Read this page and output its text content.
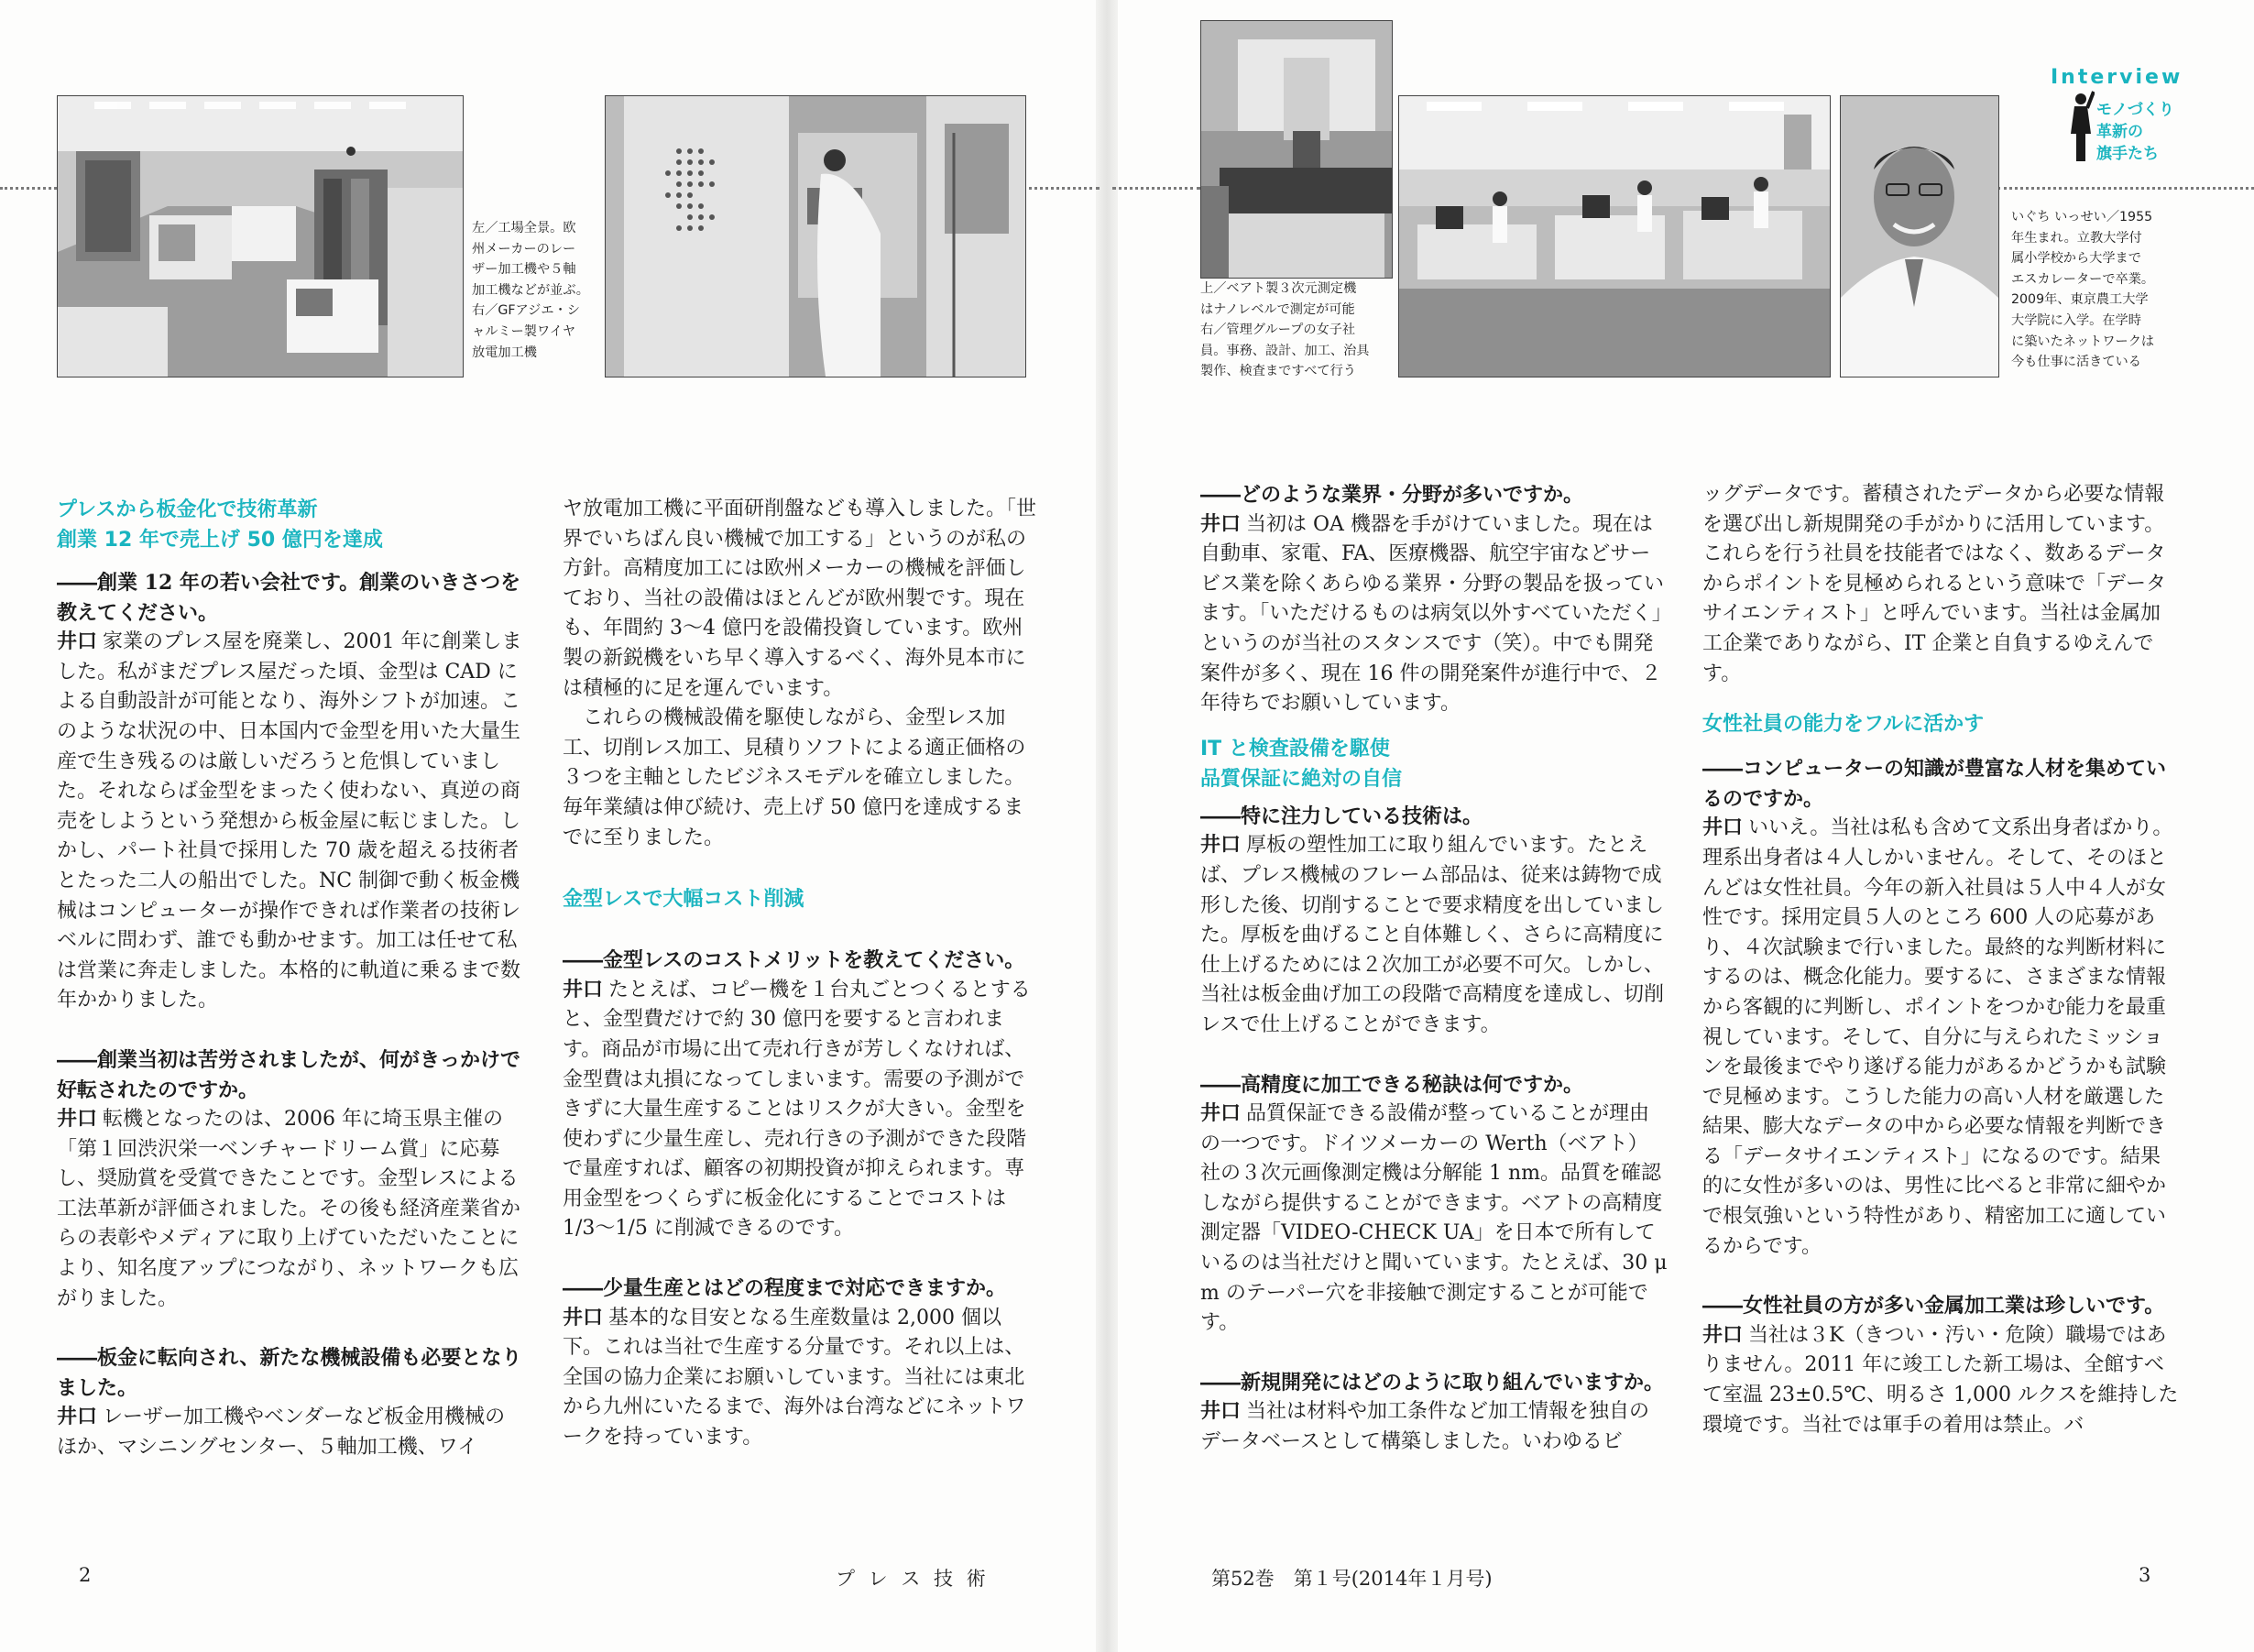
左／工場全景。欧
州メーカーのレー
ザー加工機や５軸
加工機などが並ぶ。
右／GFアジエ・シ
ャルミー製ワイヤ
放電加工機
上／ベアト製３次元測定機
はナノレベルで測定が可能
右／管理グループの女子社
員。事務、設計、加工、治具
製作、検査まですべて行う
いぐち いっせい／1955
年生まれ。立教大学付
属小学校から大学まで
エスカレーターで卒業。
2009年、東京農工大学
大学院に入学。在学時
に築いたネットワークは
今も仕事に活きている
Interview
モノづくり
革新の
旗手たち

プレスから板金化で技術革新

創業 12 年で売上げ 50 億円を達成

――創業 12 年の若い会社です。創業のいきさつを教えてください。

井口 家業のプレス屋を廃業し、2001 年に創業しました。私がまだプレス屋だった頃、金型は CAD による自動設計が可能となり、海外シフトが加速。このような状況の中、日本国内で金型を用いた大量生産で生き残るのは厳しいだろうと危惧していました。それならば金型をまったく使わない、真逆の商売をしようという発想から板金屋に転じました。しかし、パート社員で採用した 70 歳を超える技術者とたった二人の船出でした。NC 制御で動く板金機械はコンピューターが操作できれば作業者の技術レベルに問わず、誰でも動かせます。加工は任せて私は営業に奔走しました。本格的に軌道に乗るまで数年かかりました。

――創業当初は苦労されましたが、何がきっかけで好転されたのですか。

井口 転機となったのは、2006 年に埼玉県主催の「第１回渋沢栄一ベンチャードリーム賞」に応募し、奨励賞を受賞できたことです。金型レスによる工法革新が評価されました。その後も経済産業省からの表彰やメディアに取り上げていただいたことにより、知名度アップにつながり、ネットワークも広がりました。

――板金に転向され、新たな機械設備も必要となりました。

井口 レーザー加工機やベンダーなど板金用機械のほか、マシニングセンター、５軸加工機、ワイ

ヤ放電加工機に平面研削盤なども導入しました。「世界でいちばん良い機械で加工する」というのが私の方針。高精度加工には欧州メーカーの機械を評価しており、当社の設備はほとんどが欧州製です。現在も、年間約 3～4 億円を設備投資しています。欧州製の新鋭機をいち早く導入するべく、海外見本市には積極的に足を運んでいます。

これらの機械設備を駆使しながら、金型レス加工、切削レス加工、見積りソフトによる適正価格の３つを主軸としたビジネスモデルを確立しました。毎年業績は伸び続け、売上げ 50 億円を達成するまでに至りました。

金型レスで大幅コスト削減

――金型レスのコストメリットを教えてください。

井口 たとえば、コピー機を１台丸ごとつくるとすると、金型費だけで約 30 億円を要すると言われます。商品が市場に出て売れ行きが芳しくなければ、金型費は丸損になってしまいます。需要の予測ができずに大量生産することはリスクが大きい。金型を使わずに少量生産し、売れ行きの予測ができた段階で量産すれば、顧客の初期投資が抑えられます。専用金型をつくらずに板金化にすることでコストは 1/3～1/5 に削減できるのです。

――少量生産とはどの程度まで対応できますか。

井口 基本的な目安となる生産数量は 2,000 個以下。これは当社で生産する分量です。それ以上は、全国の協力企業にお願いしています。当社には東北から九州にいたるまで、海外は台湾などにネットワークを持っています。

――どのような業界・分野が多いですか。

井口 当初は OA 機器を手がけていました。現在は自動車、家電、FA、医療機器、航空宇宙などサービス業を除くあらゆる業界・分野の製品を扱っています。「いただけるものは病気以外すべていただく」というのが当社のスタンスです（笑）。中でも開発案件が多く、現在 16 件の開発案件が進行中で、２年待ちでお願いしています。

IT と検査設備を駆使

品質保証に絶対の自信

――特に注力している技術は。

井口 厚板の塑性加工に取り組んでいます。たとえば、プレス機械のフレーム部品は、従来は鋳物で成形した後、切削することで要求精度を出していました。厚板を曲げること自体難しく、さらに高精度に仕上げるためには２次加工が必要不可欠。しかし、当社は板金曲げ加工の段階で高精度を達成し、切削レスで仕上げることができます。

――高精度に加工できる秘訣は何ですか。

井口 品質保証できる設備が整っていることが理由の一つです。ドイツメーカーの Werth（ベアト）社の３次元画像測定機は分解能 1 nm。品質を確認しながら提供することができます。ベアトの高精度測定器「VIDEO-CHECK UA」を日本で所有しているのは当社だけと聞いています。たとえば、30 μ m のテーパー穴を非接触で測定することが可能です。

――新規開発にはどのように取り組んでいますか。

井口 当社は材料や加工条件など加工情報を独自のデータベースとして構築しました。いわゆるビ

ッグデータです。蓄積されたデータから必要な情報を選び出し新規開発の手がかりに活用しています。これらを行う社員を技能者ではなく、数あるデータからポイントを見極められるという意味で「データサイエンティスト」と呼んでいます。当社は金属加工企業でありながら、IT 企業と自負するゆえんです。

女性社員の能力をフルに活かす

――コンピューターの知識が豊富な人材を集めているのですか。

井口 いいえ。当社は私も含めて文系出身者ばかり。理系出身者は４人しかいません。そして、そのほとんどは女性社員。今年の新入社員は５人中４人が女性です。採用定員５人のところ 600 人の応募があり、４次試験まで行いました。最終的な判断材料にするのは、概念化能力。要するに、さまざまな情報から客観的に判断し、ポイントをつかむ能力を最重視しています。そして、自分に与えられたミッションを最後までやり遂げる能力があるかどうかも試験で見極めます。こうした能力の高い人材を厳選した結果、膨大なデータの中から必要な情報を判断できる「データサイエンティスト」になるのです。結果的に女性が多いのは、男性に比べると非常に細やかで根気強いという特性があり、精密加工に適しているからです。

――女性社員の方が多い金属加工業は珍しいです。

井口 当社は３K（きつい・汚い・危険）職場ではありません。2011 年に竣工した新工場は、全館すべて室温 23±0.5℃、明るさ 1,000 ルクスを維持した環境です。当社では軍手の着用は禁止。バ

2	プ レ ス 技 術	第52巻　第１号(2014年１月号)	3
